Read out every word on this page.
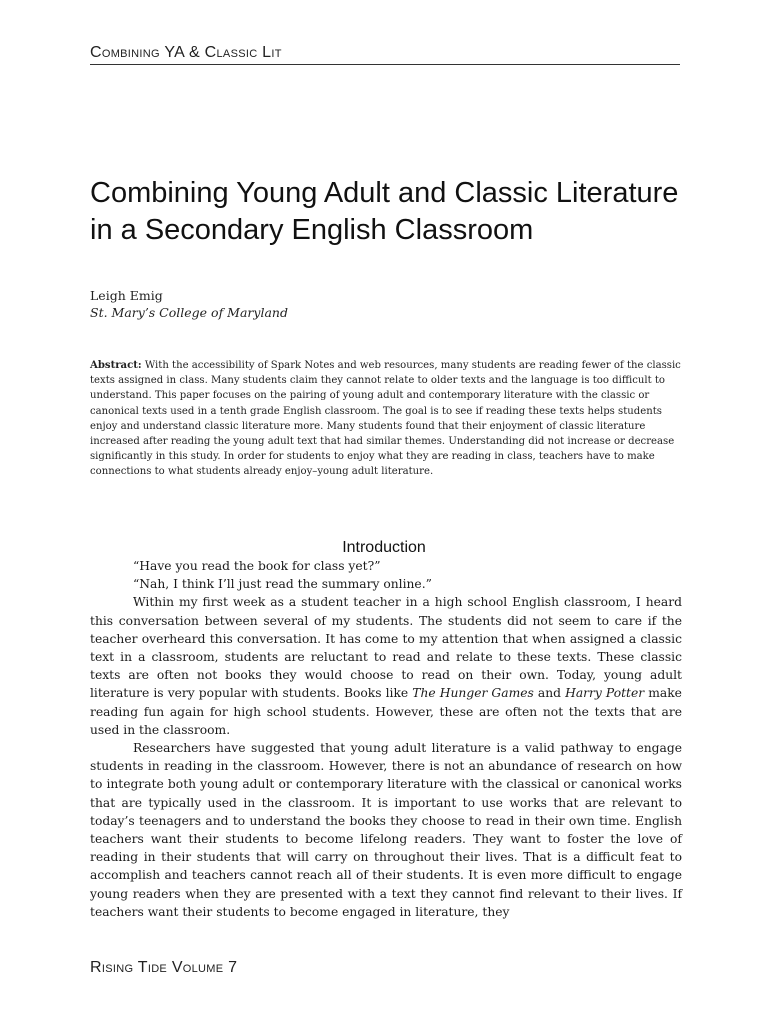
Combining YA & Classic Lit
Combining Young Adult and Classic Literature in a Secondary English Classroom
Leigh Emig
St. Mary’s College of Maryland

Abstract: With the accessibility of Spark Notes and web resources, many students are reading fewer of the classic texts assigned in class. Many students claim they cannot relate to older texts and the language is too difficult to understand. This paper focuses on the pairing of young adult and contemporary literature with the classic or canonical texts used in a tenth grade English classroom. The goal is to see if reading these texts helps students enjoy and understand classic literature more. Many students found that their enjoyment of classic literature increased after reading the young adult text that had similar themes. Understanding did not increase or decrease significantly in this study. In order for students to enjoy what they are reading in class, teachers have to make connections to what students already enjoy–young adult literature.

Introduction

“Have you read the book for class yet?”

“Nah, I think I’ll just read the summary online.”

Within my first week as a student teacher in a high school English classroom, I heard this conversation between several of my students. The students did not seem to care if the teacher overheard this conversation. It has come to my attention that when assigned a classic text in a classroom, students are reluctant to read and relate to these texts. These classic texts are often not books they would choose to read on their own. Today, young adult literature is very popular with students. Books like The Hunger Games and Harry Potter make reading fun again for high school students. However, these are often not the texts that are used in the classroom.

Researchers have suggested that young adult literature is a valid pathway to engage students in reading in the classroom. However, there is not an abundance of research on how to integrate both young adult or contemporary literature with the classical or canonical works that are typically used in the classroom. It is important to use works that are relevant to today’s teenagers and to understand the books they choose to read in their own time. English teachers want their students to become lifelong readers. They want to foster the love of reading in their students that will carry on throughout their lives. That is a difficult feat to accomplish and teachers cannot reach all of their students. It is even more difficult to engage young readers when they are presented with a text they cannot find relevant to their lives. If teachers want their students to become engaged in literature, they

Rising Tide Volume 7
